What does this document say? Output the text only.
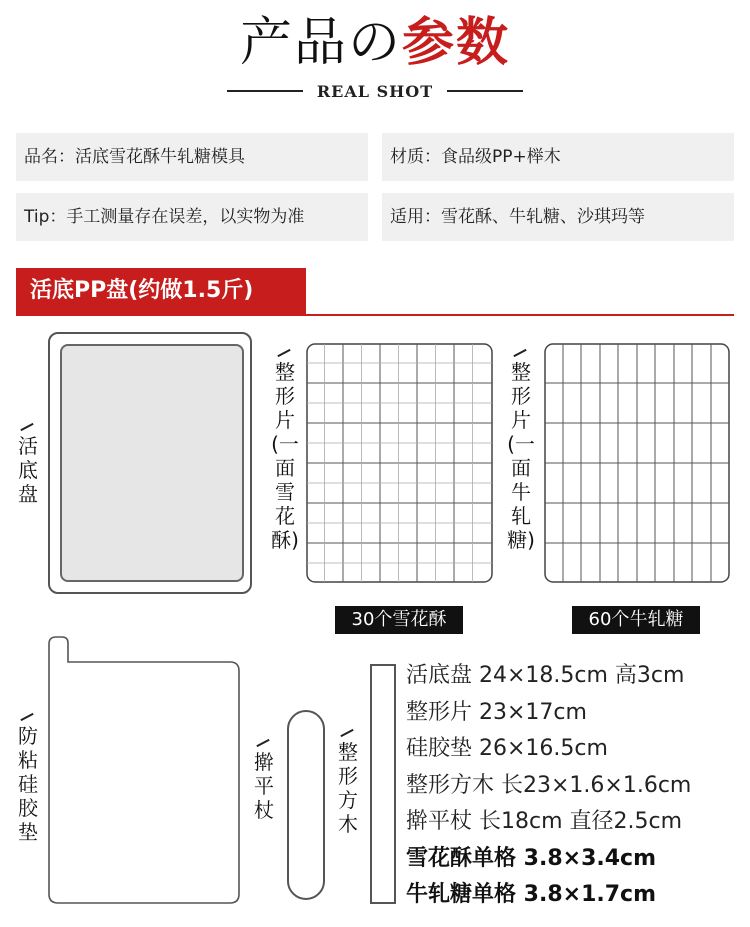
产品の参数
REAL SHOT
品名：活底雪花酥牛轧糖模具	材质：食品级PP+榉木
Tip：手工测量存在误差，以实物为准	适用：雪花酥、牛轧糖、沙琪玛等
活底PP盘(约做1.5斤)
活底盘
整形片(一面雪花酥)
30个雪花酥
整形片(一面牛轧糖)
60个牛轧糖
防粘硅胶垫
擀平杖
整形方木
活底盘 24×18.5cm 高3cm
整形片 23×17cm
硅胶垫 26×16.5cm
整形方木 长23×1.6×1.6cm
擀平杖 长18cm 直径2.5cm
雪花酥单格 3.8×3.4cm
牛轧糖单格 3.8×1.7cm
